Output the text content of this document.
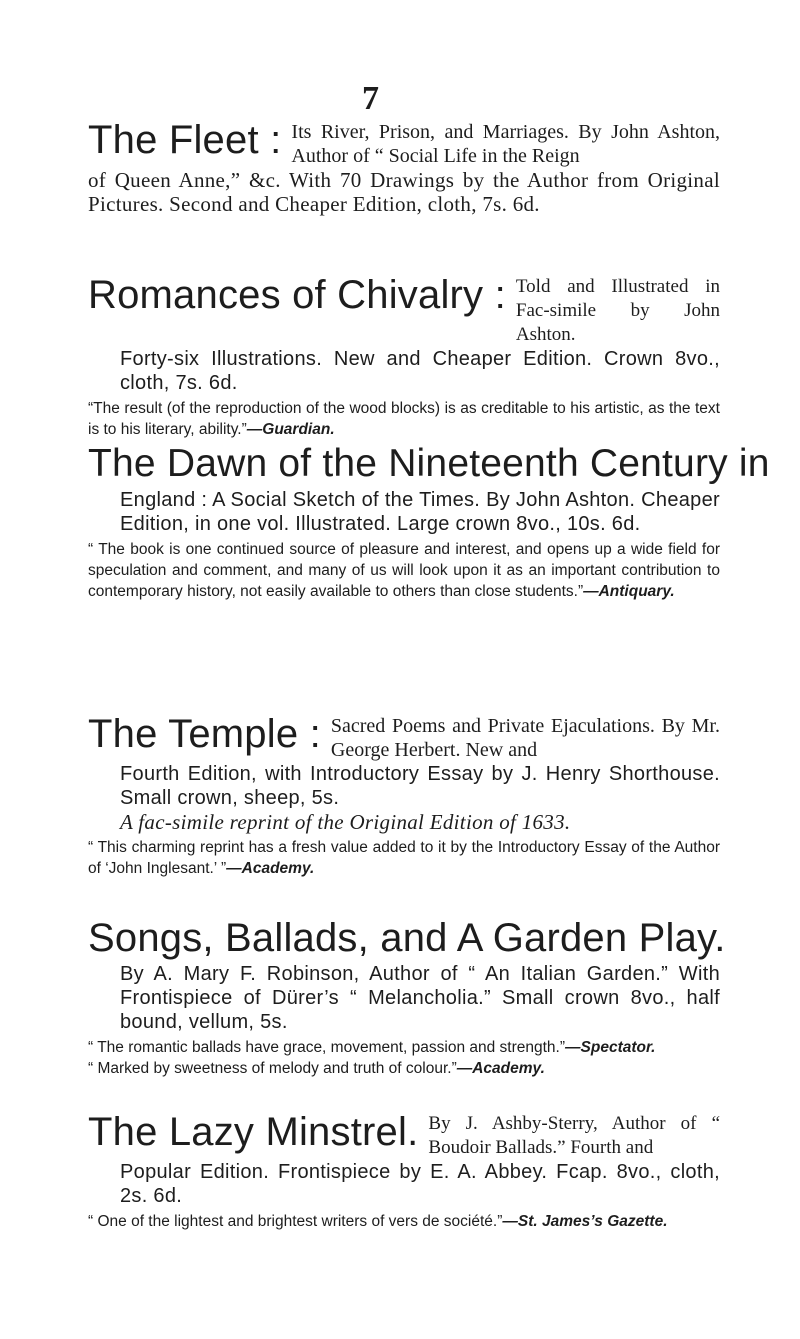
7
The Fleet : Its River, Prison, and Marriages. By John Ashton, Author of “ Social Life in the Reign
of Queen Anne,” &c. With 70 Drawings by the Author from Original Pictures. Second and Cheaper Edition, cloth, 7s. 6d.
Romances of Chivalry : Told and Illustrated in Fac-simile by John Ashton.
Forty-six Illustrations. New and Cheaper Edition. Crown 8vo., cloth, 7s. 6d.
“The result (of the reproduction of the wood blocks) is as creditable to his artistic, as the text is to his literary, ability.”—Guardian.
The Dawn of the Nineteenth Century in
England : A Social Sketch of the Times. By John Ashton. Cheaper Edition, in one vol. Illustrated. Large crown 8vo., 10s. 6d.
“ The book is one continued source of pleasure and interest, and opens up a wide field for speculation and comment, and many of us will look upon it as an important contribution to contemporary history, not easily available to others than close students.”—Antiquary.
The Temple : Sacred Poems and Private Ejaculations. By Mr. George Herbert. New and
Fourth Edition, with Introductory Essay by J. Henry Shorthouse. Small crown, sheep, 5s.
A fac-simile reprint of the Original Edition of 1633.
“ This charming reprint has a fresh value added to it by the Introductory Essay of the Author of ‘John Inglesant.’ ”—Academy.
Songs, Ballads, and A Garden Play.
By A. Mary F. Robinson, Author of “ An Italian Garden.” With Frontispiece of Dürer’s “ Melancholia.” Small crown 8vo., half bound, vellum, 5s.
“ The romantic ballads have grace, movement, passion and strength.”—Spectator.
“ Marked by sweetness of melody and truth of colour.”—Academy.
The Lazy Minstrel. By J. Ashby-Sterry, Author of “ Boudoir Ballads.” Fourth and
Popular Edition. Frontispiece by E. A. Abbey. Fcap. 8vo., cloth, 2s. 6d.
“ One of the lightest and brightest writers of vers de société.”—St. James’s Gazette.
